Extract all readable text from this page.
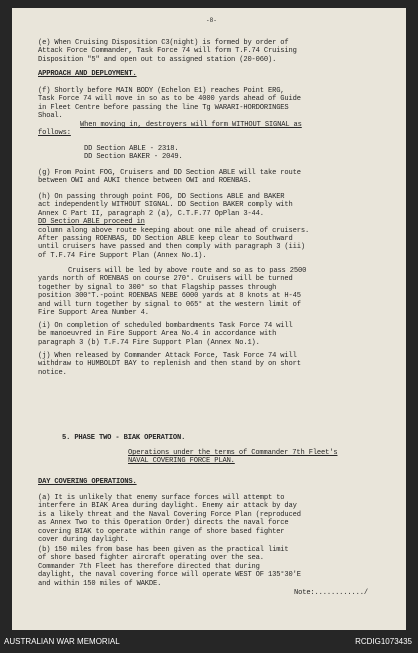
-8-
(e) When Cruising Disposition C3(night) is formed by order of
Attack Force Commander, Task Force 74 will form T.F.74 Cruising
Disposition "5" and open out to assigned station (20-060).
APPROACH AND DEPLOYMENT.
(f) Shortly before MAIN BODY (Echelon E1) reaches Point ERG,
Task Force 74 will move in so as to be 4000 yards ahead of Guide
in Fleet Centre before passing the line Tg WARARI-HORDORINGES
Shoal.
When moving in, destroyers will form WITHOUT SIGNAL as
follows:
DD Section ABLE - 2318.
DD Section BAKER - 2049.
(g) From Point FOG, Cruisers and DD Section ABLE will take route
between OWI and AUKI thence between OWI and ROENBAS.
(h) On passing through point FOG, DD Sections ABLE and BAKER
act independently WITHOUT SIGNAL. DD Section BAKER comply with
Annex C Part II, paragraph 2 (a), C.T.F.77 OpPlan 3-44.
DD Section ABLE proceed in
column along above route keeping about one mile ahead of cruisers.
After passing ROENBAS, DD Section ABLE keep clear to Southward
until cruisers have passed and then comply with paragraph 3 (iii)
of T.F.74 Fire Support Plan (Annex No.1).
Cruisers will be led by above route and so as to pass 2500
yards north of ROENBAS on course 270°. Cruisers will be turned
together by signal to 300° so that Flagship passes through
position 300°T.-point ROENBAS NEBE 6000 yards at 8 knots at H-45
and will turn together by signal to 065° at the western limit of
Fire Support Area Number 4.
(i) On completion of scheduled bombardments Task Force 74 will
be manoeuvred in Fire Support Area No.4 in accordance with
paragraph 3 (b) T.F.74 Fire Support Plan (Annex No.1).
(j) When released by Commander Attack Force, Task Force 74 will
withdraw to HUMBOLDT BAY to replenish and then stand by on short
notice.
5. PHASE TWO - BIAK OPERATION.
Operations under the terms of Commander 7th Fleet's
NAVAL COVERING FORCE PLAN.
DAY COVERING OPERATIONS.
(a) It is unlikely that enemy surface forces will attempt to
interfere in BIAK Area during daylight. Enemy air attack by day
is a likely threat and the Naval Covering Force Plan (reproduced
as Annex Two to this Operation Order) directs the naval force
covering BIAK to operate within range of shore based fighter
cover during daylight.
(b) 150 miles from base has been given as the practical limit
of shore based fighter aircraft operating over the sea.
Commander 7th Fleet has therefore directed that during
daylight, the naval covering force will operate WEST OF 135°30'E
and within 150 miles of WAKDE.
Note:............/
AUSTRALIAN WAR MEMORIAL	RCDIG1073435
